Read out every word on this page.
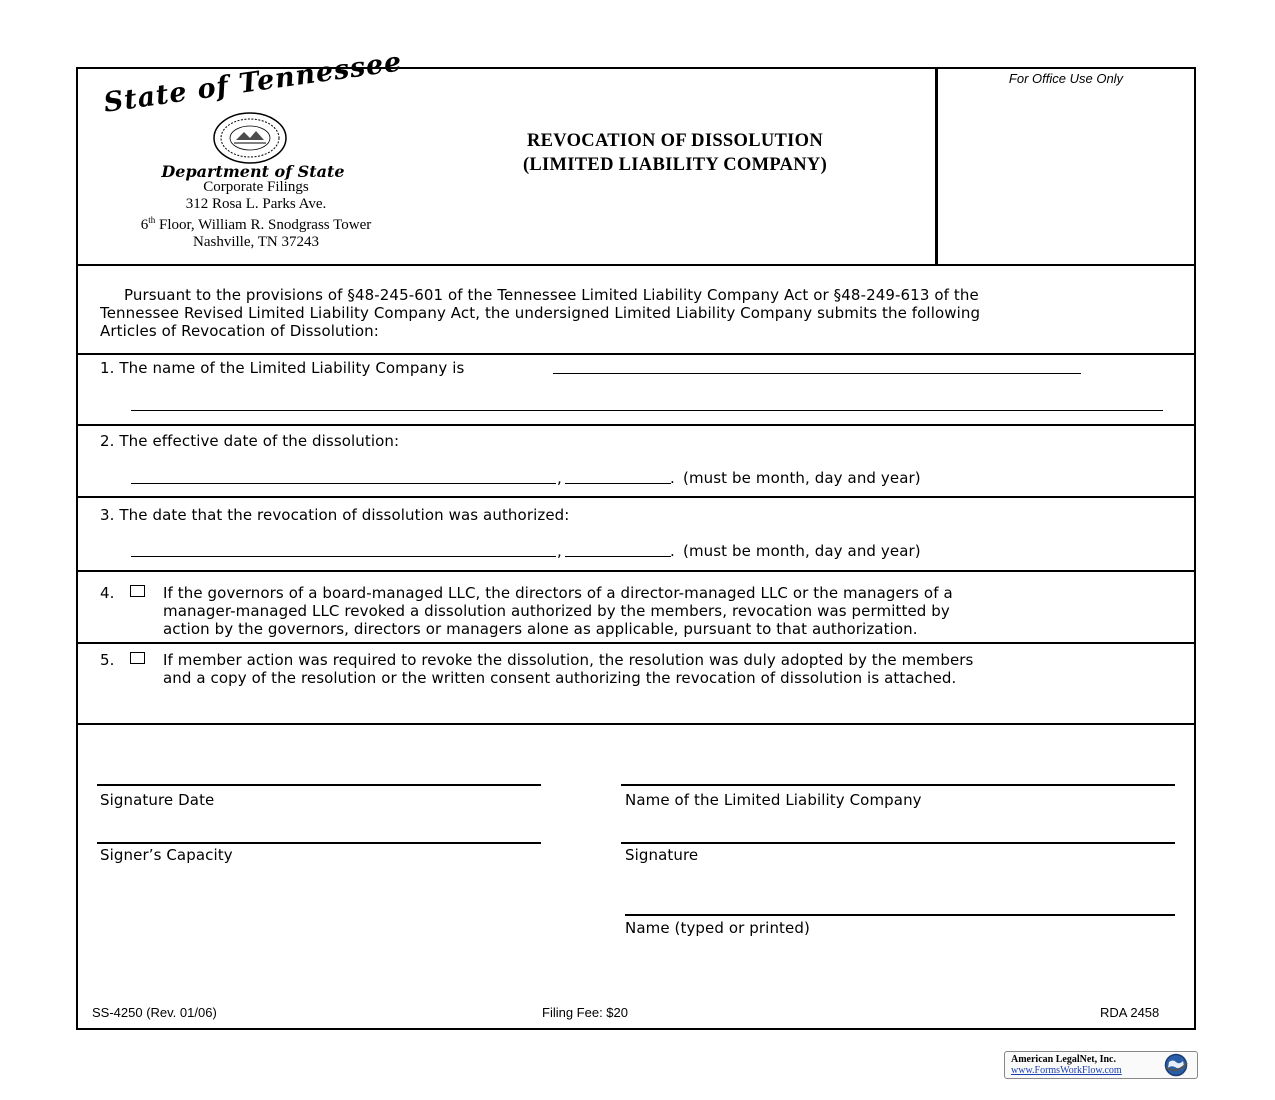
State of Tennessee
Department of State
Corporate Filings
312 Rosa L. Parks Ave.
6th Floor, William R. Snodgrass Tower
Nashville, TN 37243
REVOCATION OF DISSOLUTION
(LIMITED LIABILITY COMPANY)
For Office Use Only
Pursuant to the provisions of §48-245-601 of the Tennessee Limited Liability Company Act or §48-249-613 of the
Tennessee Revised Limited Liability Company Act, the undersigned Limited Liability Company submits the following
Articles of Revocation of Dissolution:
1. The name of the Limited Liability Company is
2. The effective date of the dissolution:
,	. (must be month, day and year)
3. The date that the revocation of dissolution was authorized:
,	. (must be month, day and year)
4.	If the governors of a board-managed LLC, the directors of a director-managed LLC or the managers of a
manager-managed LLC revoked a dissolution authorized by the members, revocation was permitted by
action by the governors, directors or managers alone as applicable, pursuant to that authorization.
5.	If member action was required to revoke the dissolution, the resolution was duly adopted by the members
and a copy of the resolution or the written consent authorizing the revocation of dissolution is attached.
Signature Date	Name of the Limited Liability Company
Signer’s Capacity	Signature
Name (typed or printed)
SS-4250 (Rev. 01/06)	Filing Fee: $20	RDA 2458
American LegalNet, Inc.
www.FormsWorkFlow.com
